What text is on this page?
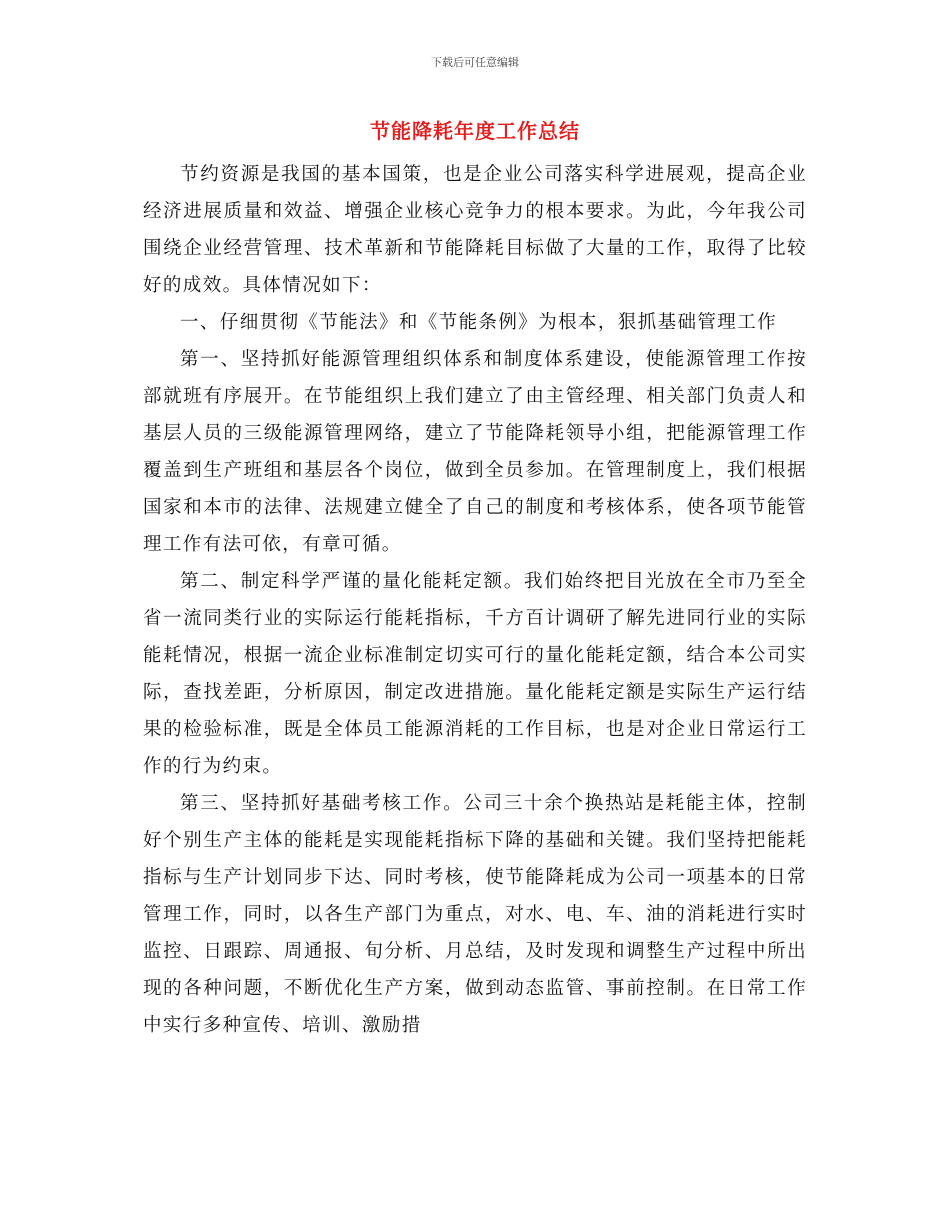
下载后可任意编辑
节能降耗年度工作总结

节约资源是我国的基本国策，也是企业公司落实科学进展观，提高企业经济进展质量和效益、增强企业核心竞争力的根本要求。为此，今年我公司围绕企业经营管理、技术革新和节能降耗目标做了大量的工作，取得了比较好的成效。具体情况如下：

一、仔细贯彻《节能法》和《节能条例》为根本，狠抓基础管理工作

第一、坚持抓好能源管理组织体系和制度体系建设，使能源管理工作按部就班有序展开。在节能组织上我们建立了由主管经理、相关部门负责人和基层人员的三级能源管理网络，建立了节能降耗领导小组，把能源管理工作覆盖到生产班组和基层各个岗位，做到全员参加。在管理制度上，我们根据国家和本市的法律、法规建立健全了自己的制度和考核体系，使各项节能管理工作有法可依，有章可循。

第二、制定科学严谨的量化能耗定额。我们始终把目光放在全市乃至全省一流同类行业的实际运行能耗指标，千方百计调研了解先进同行业的实际能耗情况，根据一流企业标准制定切实可行的量化能耗定额，结合本公司实际，查找差距，分析原因，制定改进措施。量化能耗定额是实际生产运行结果的检验标准，既是全体员工能源消耗的工作目标，也是对企业日常运行工作的行为约束。

第三、坚持抓好基础考核工作。公司三十余个换热站是耗能主体，控制好个别生产主体的能耗是实现能耗指标下降的基础和关键。我们坚持把能耗指标与生产计划同步下达、同时考核，使节能降耗成为公司一项基本的日常管理工作，同时，以各生产部门为重点，对水、电、车、油的消耗进行实时监控、日跟踪、周通报、旬分析、月总结，及时发现和调整生产过程中所出现的各种问题，不断优化生产方案，做到动态监管、事前控制。在日常工作中实行多种宣传、培训、激励措
